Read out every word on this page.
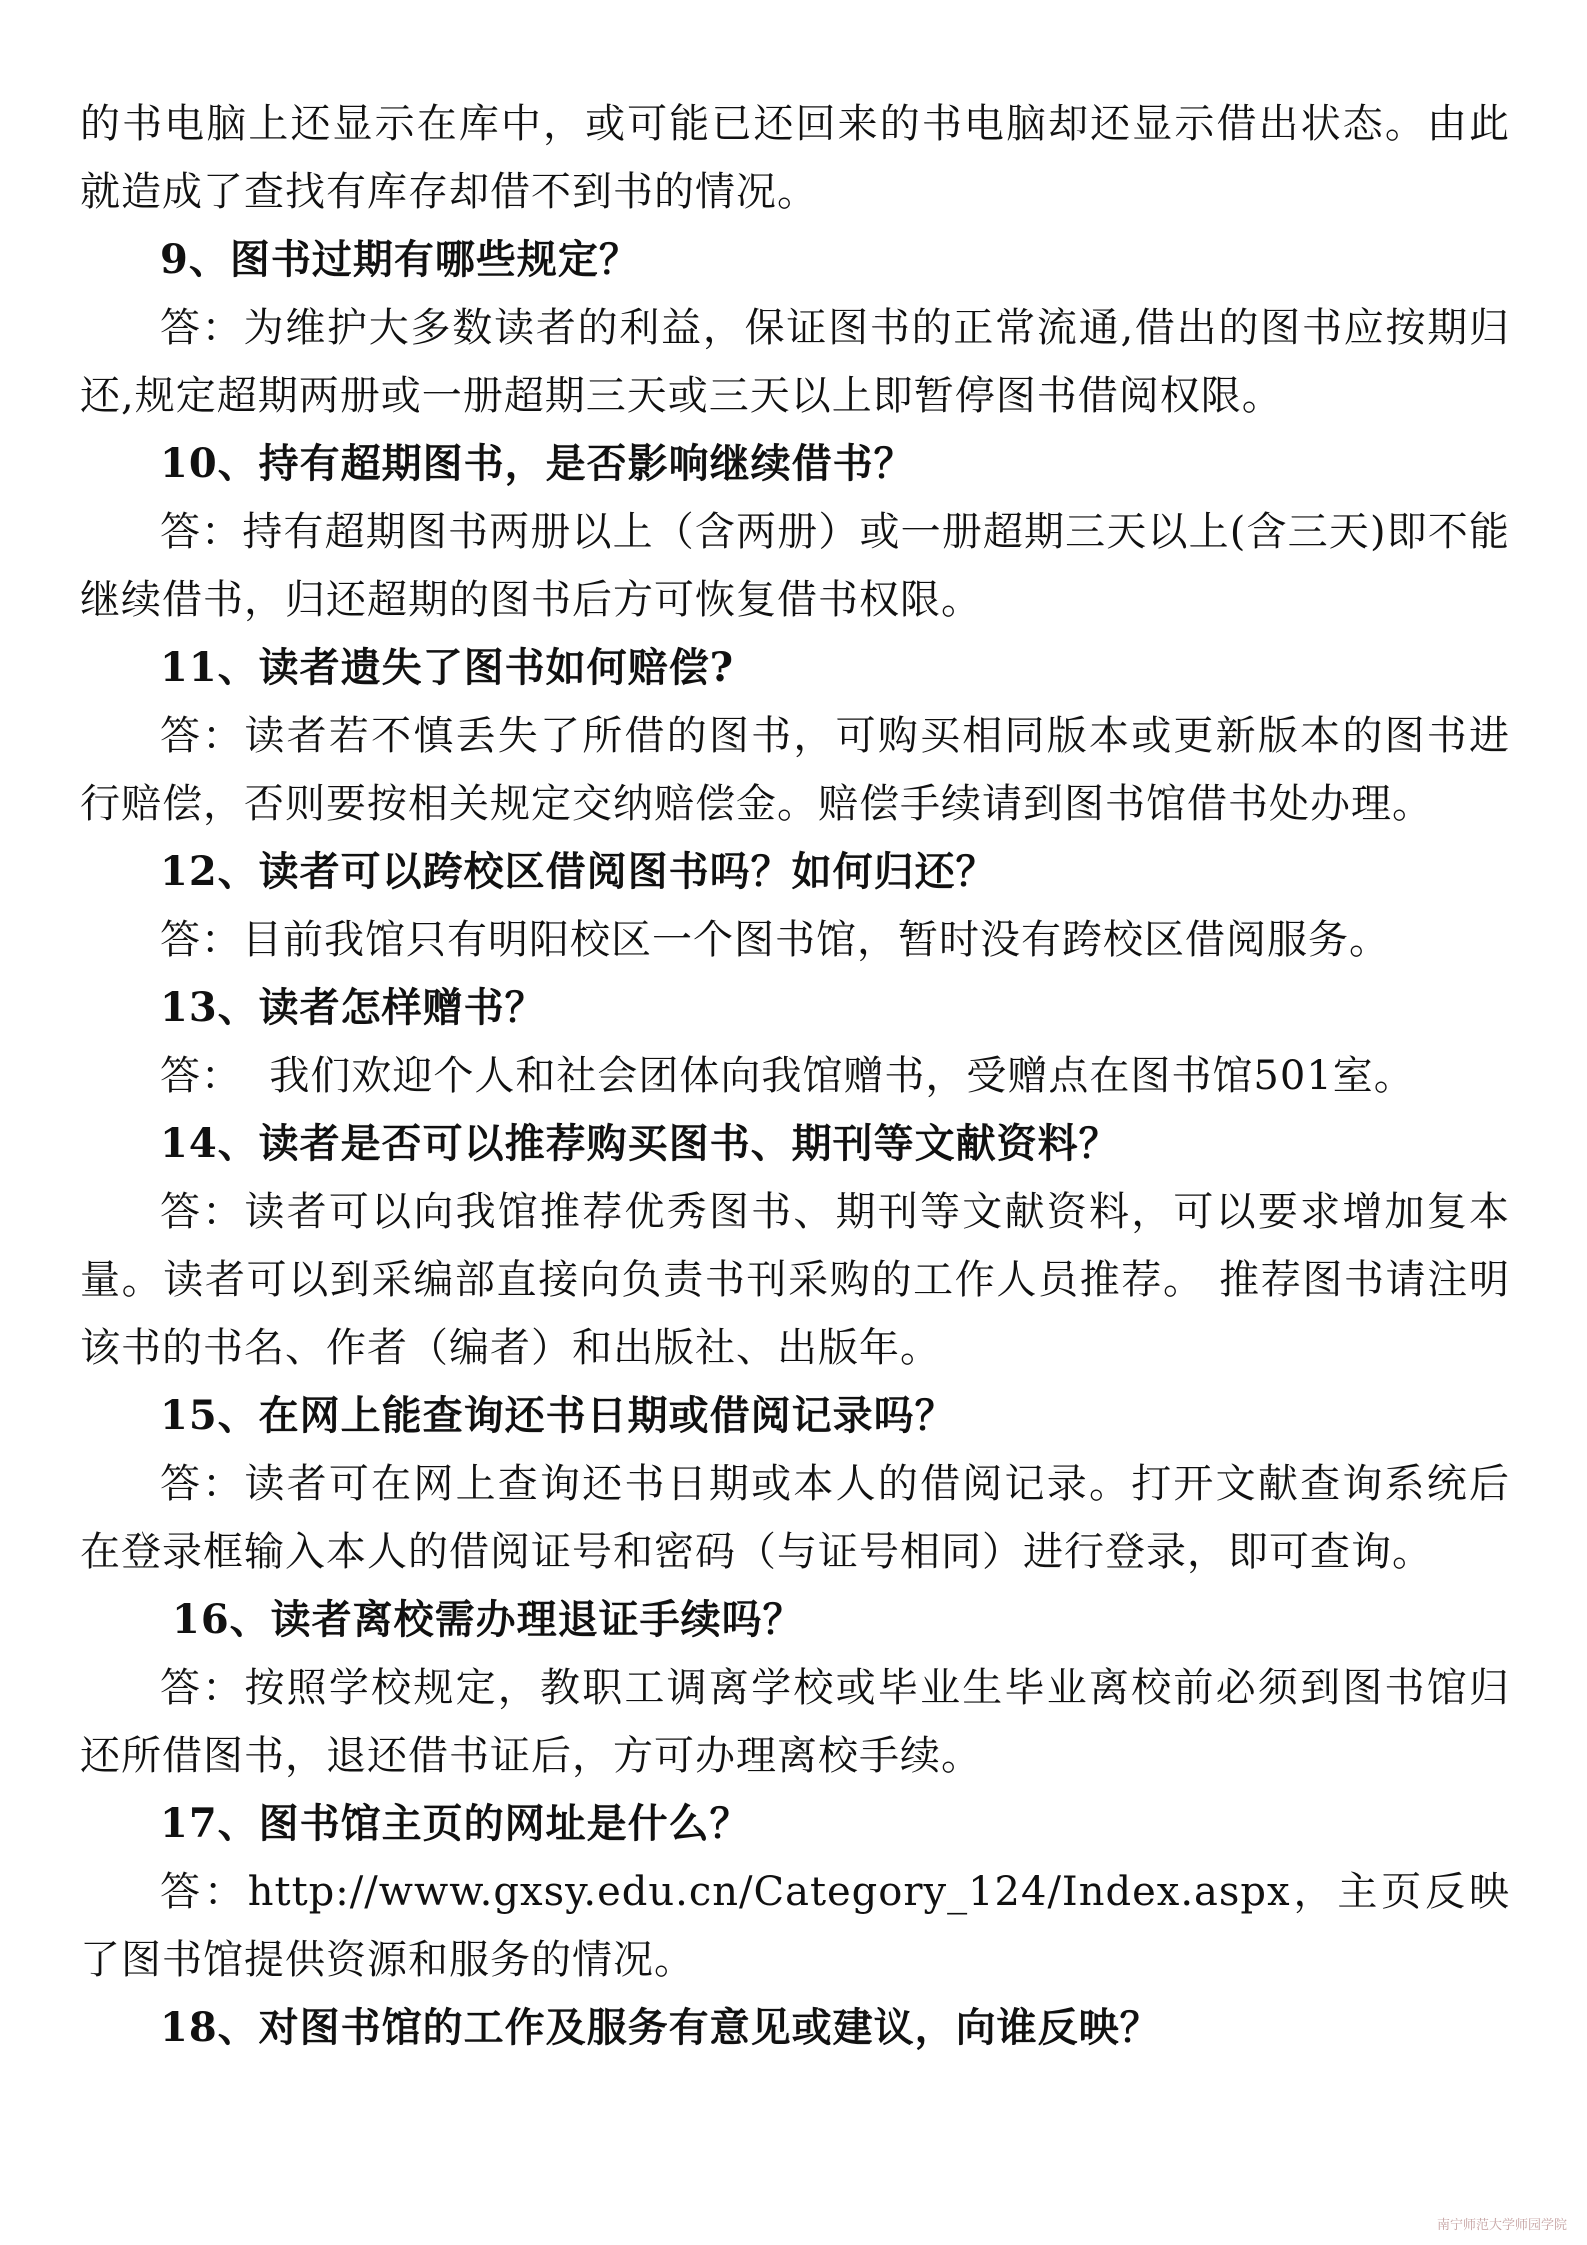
的书电脑上还显示在库中，或可能已还回来的书电脑却还显示借出状态。由此就造成了查找有库存却借不到书的情况。

9、图书过期有哪些规定？

答：为维护大多数读者的利益，保证图书的正常流通,借出的图书应按期归还,规定超期两册或一册超期三天或三天以上即暂停图书借阅权限。

10、持有超期图书，是否影响继续借书？

答：持有超期图书两册以上（含两册）或一册超期三天以上(含三天)即不能继续借书，归还超期的图书后方可恢复借书权限。

11、读者遗失了图书如何赔偿?

答：读者若不慎丢失了所借的图书，可购买相同版本或更新版本的图书进行赔偿，否则要按相关规定交纳赔偿金。赔偿手续请到图书馆借书处办理。

12、读者可以跨校区借阅图书吗？如何归还？

答：目前我馆只有明阳校区一个图书馆，暂时没有跨校区借阅服务。

13、读者怎样赠书？

答：  我们欢迎个人和社会团体向我馆赠书，受赠点在图书馆501室。

14、读者是否可以推荐购买图书、期刊等文献资料？

答：读者可以向我馆推荐优秀图书、期刊等文献资料，可以要求增加复本量。读者可以到采编部直接向负责书刊采购的工作人员推荐。 推荐图书请注明该书的书名、作者（编者）和出版社、出版年。

15、在网上能查询还书日期或借阅记录吗？

答：读者可在网上查询还书日期或本人的借阅记录。打开文献查询系统后在登录框输入本人的借阅证号和密码（与证号相同）进行登录，即可查询。

16、读者离校需办理退证手续吗？

答：按照学校规定，教职工调离学校或毕业生毕业离校前必须到图书馆归还所借图书，退还借书证后，方可办理离校手续。

17、图书馆主页的网址是什么？

答：http://www.gxsy.edu.cn/Category_124/Index.aspx，主页反映了图书馆提供资源和服务的情况。

18、对图书馆的工作及服务有意见或建议，向谁反映？

南宁师范大学师园学院
